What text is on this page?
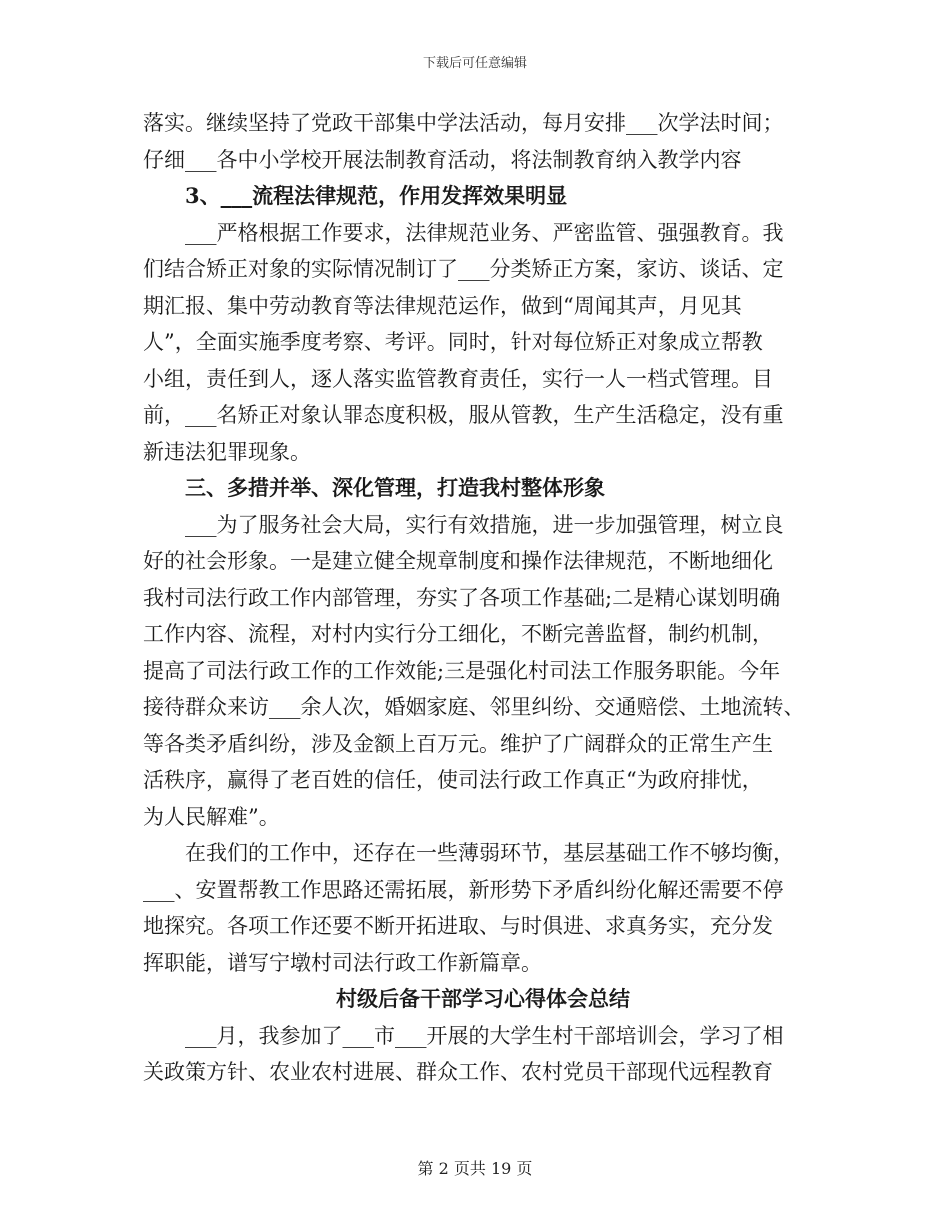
下载后可任意编辑
落实。继续坚持了党政干部集中学法活动，每月安排___次学法时间；
仔细___各中小学校开展法制教育活动，将法制教育纳入教学内容
3、___流程法律规范，作用发挥效果明显
___严格根据工作要求，法律规范业务、严密监管、强强教育。我
们结合矫正对象的实际情况制订了___分类矫正方案，家访、谈话、定
期汇报、集中劳动教育等法律规范运作，做到“周闻其声，月见其
人”，全面实施季度考察、考评。同时，针对每位矫正对象成立帮教
小组，责任到人，逐人落实监管教育责任，实行一人一档式管理。目
前，___名矫正对象认罪态度积极，服从管教，生产生活稳定，没有重
新违法犯罪现象。
三、多措并举、深化管理，打造我村整体形象
___为了服务社会大局，实行有效措施，进一步加强管理，树立良
好的社会形象。一是建立健全规章制度和操作法律规范，不断地细化
我村司法行政工作内部管理，夯实了各项工作基础;二是精心谋划明确
工作内容、流程，对村内实行分工细化，不断完善监督，制约机制，
提高了司法行政工作的工作效能;三是强化村司法工作服务职能。今年
接待群众来访___余人次，婚姻家庭、邻里纠纷、交通赔偿、土地流转、
等各类矛盾纠纷，涉及金额上百万元。维护了广阔群众的正常生产生
活秩序，赢得了老百姓的信任，使司法行政工作真正“为政府排忧，
为人民解难”。
在我们的工作中，还存在一些薄弱环节，基层基础工作不够均衡，
___、安置帮教工作思路还需拓展，新形势下矛盾纠纷化解还需要不停
地探究。各项工作还要不断开拓进取、与时俱进、求真务实，充分发
挥职能，谱写宁墩村司法行政工作新篇章。
村级后备干部学习心得体会总结
___月，我参加了___市___开展的大学生村干部培训会，学习了相
关政策方针、农业农村进展、群众工作、农村党员干部现代远程教育
第 2 页共 19 页
